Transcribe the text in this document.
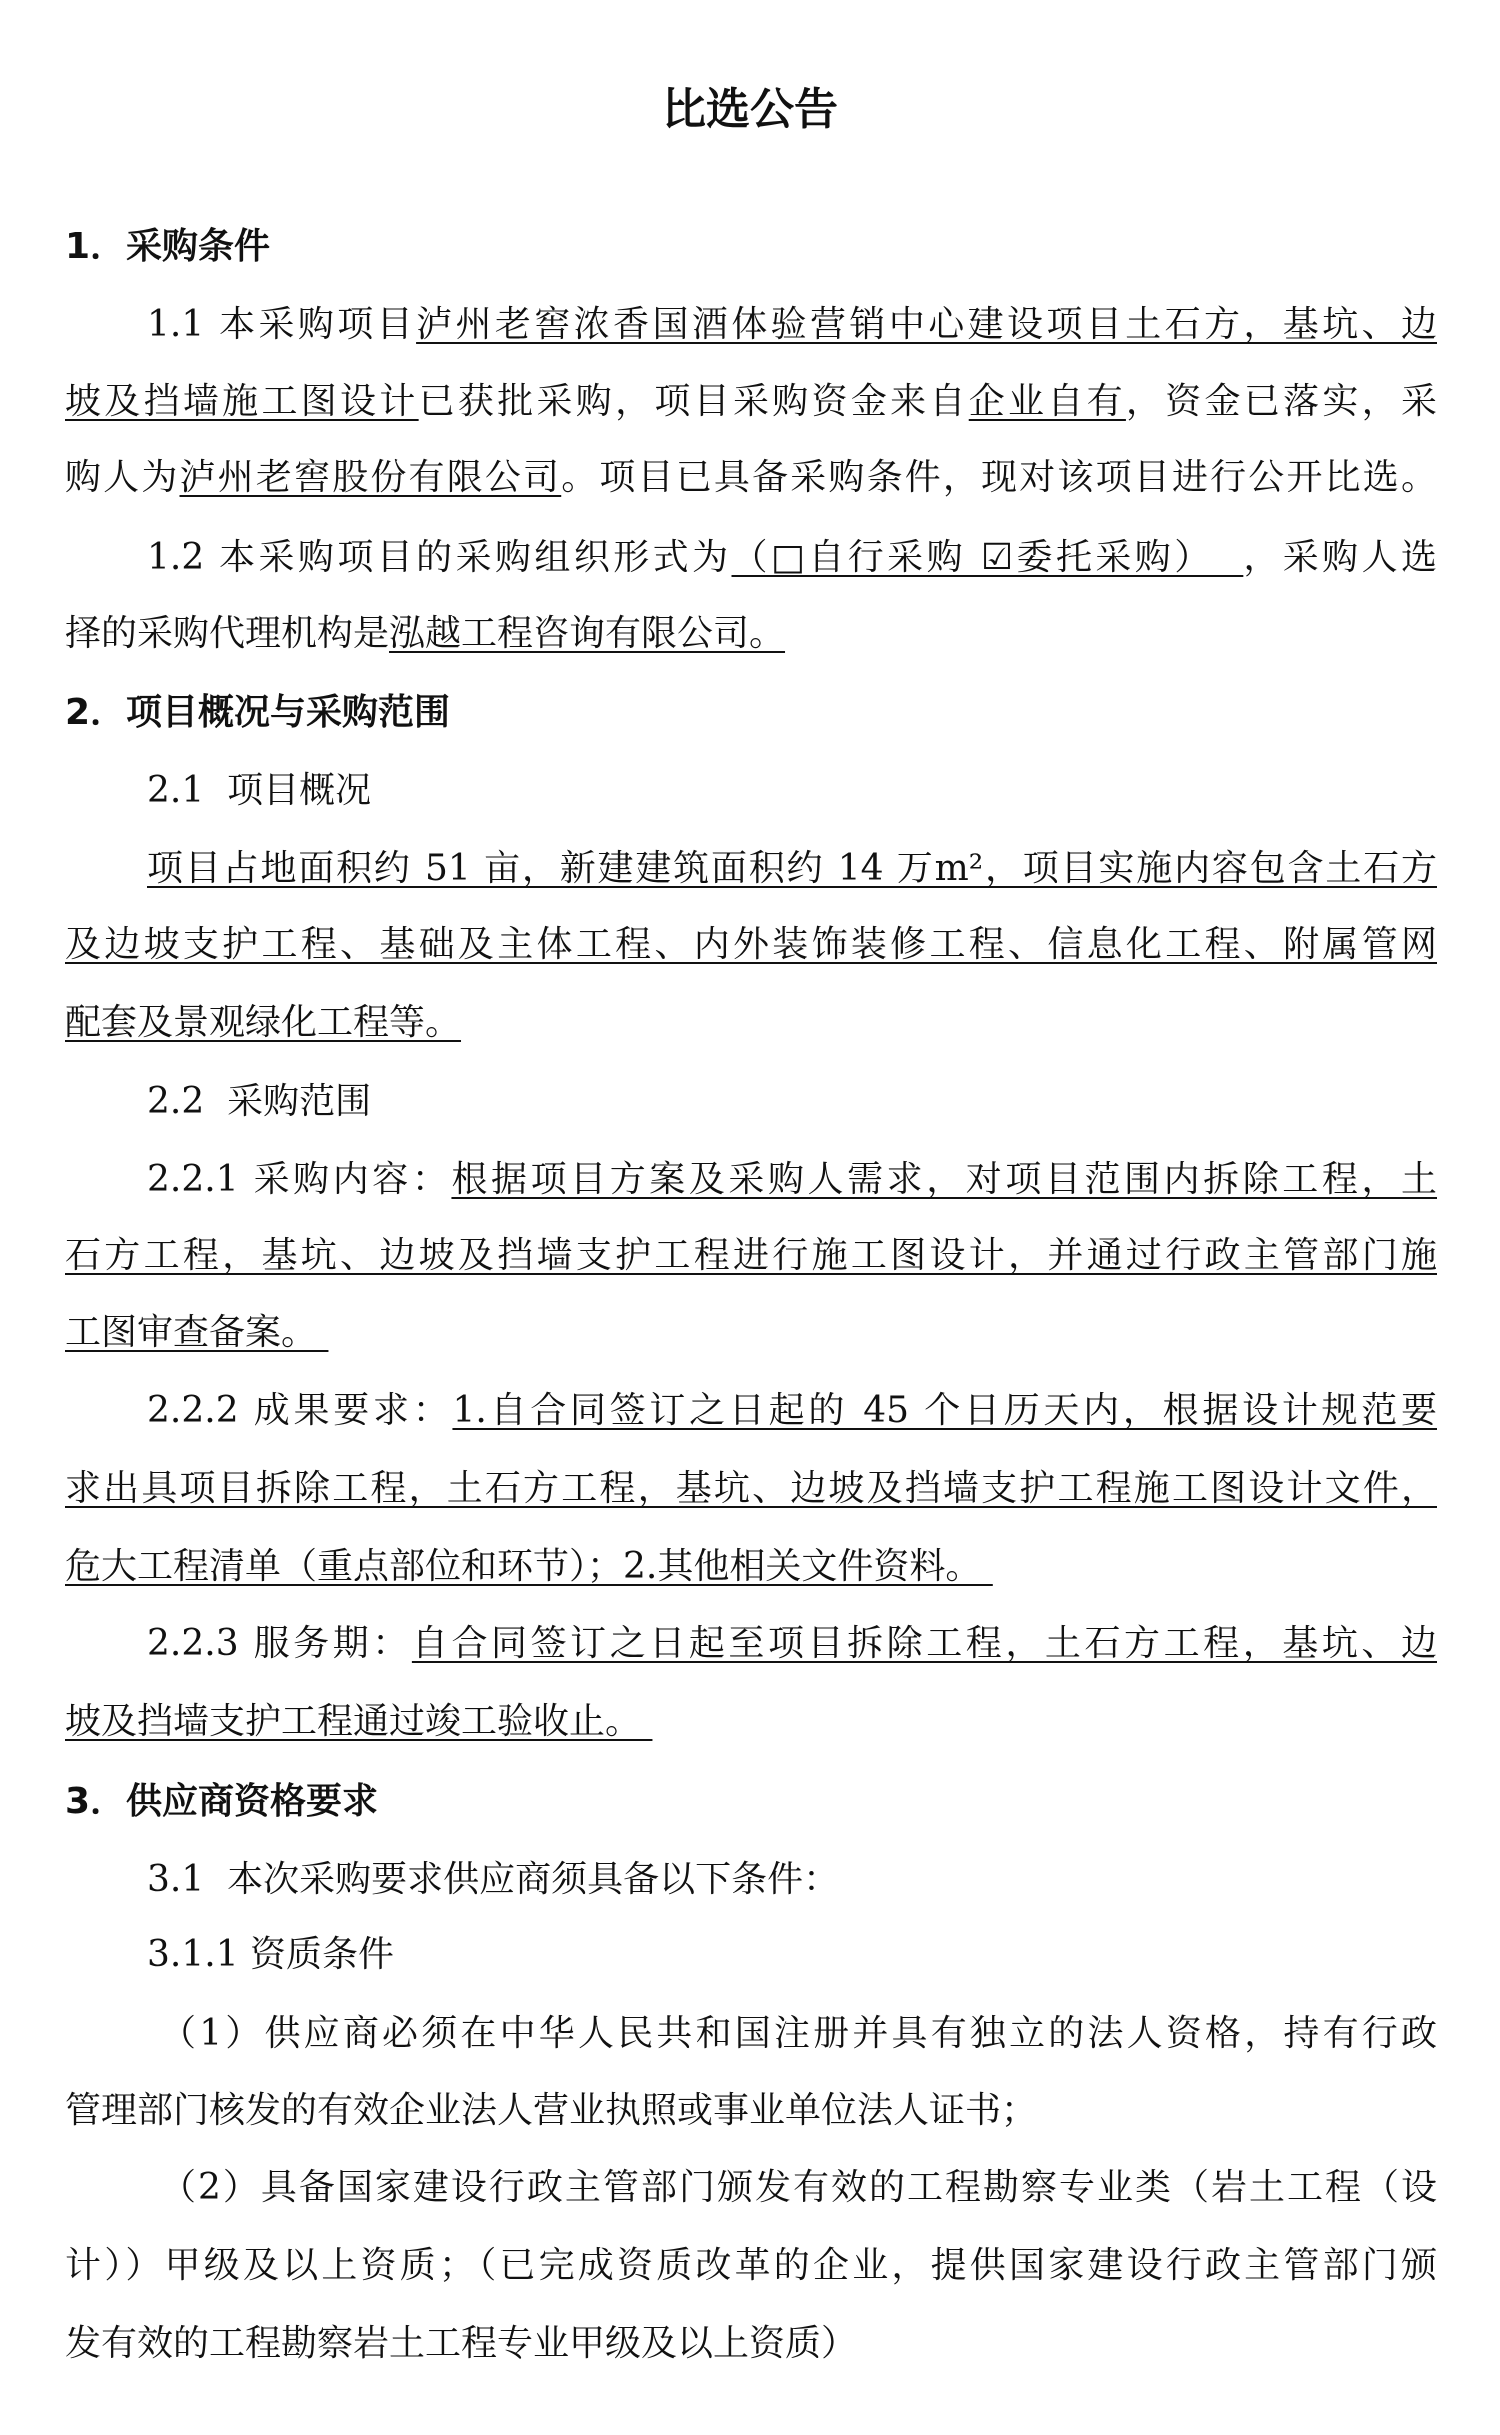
比选公告
1．采购条件
1.1 本采购项目泸州老窖浓香国酒体验营销中心建设项目土石方，基坑、边
坡及挡墙施工图设计已获批采购，项目采购资金来自企业自有，资金已落实，采
购人为泸州老窖股份有限公司。项目已具备采购条件，现对该项目进行公开比选。
1.2 本采购项目的采购组织形式为（□自行采购 ☑委托采购）  ，采购人选
择的采购代理机构是泓越工程咨询有限公司。
2．项目概况与采购范围
2.1  项目概况
项目占地面积约 51 亩，新建建筑面积约 14 万m²，项目实施内容包含土石方
及边坡支护工程、基础及主体工程、内外装饰装修工程、信息化工程、附属管网
配套及景观绿化工程等。
2.2  采购范围
2.2.1 采购内容：根据项目方案及采购人需求，对项目范围内拆除工程，土
石方工程，基坑、边坡及挡墙支护工程进行施工图设计，并通过行政主管部门施
工图审查备案。
2.2.2 成果要求：1.自合同签订之日起的 45 个日历天内，根据设计规范要
求出具项目拆除工程，土石方工程，基坑、边坡及挡墙支护工程施工图设计文件，
危大工程清单（重点部位和环节）；2.其他相关文件资料。
2.2.3 服务期：自合同签订之日起至项目拆除工程，土石方工程，基坑、边
坡及挡墙支护工程通过竣工验收止。
3．供应商资格要求
3.1  本次采购要求供应商须具备以下条件：
3.1.1 资质条件
（1）供应商必须在中华人民共和国注册并具有独立的法人资格，持有行政
管理部门核发的有效企业法人营业执照或事业单位法人证书；
（2）具备国家建设行政主管部门颁发有效的工程勘察专业类（岩土工程（设
计））甲级及以上资质；（已完成资质改革的企业，提供国家建设行政主管部门颁
发有效的工程勘察岩土工程专业甲级及以上资质）
